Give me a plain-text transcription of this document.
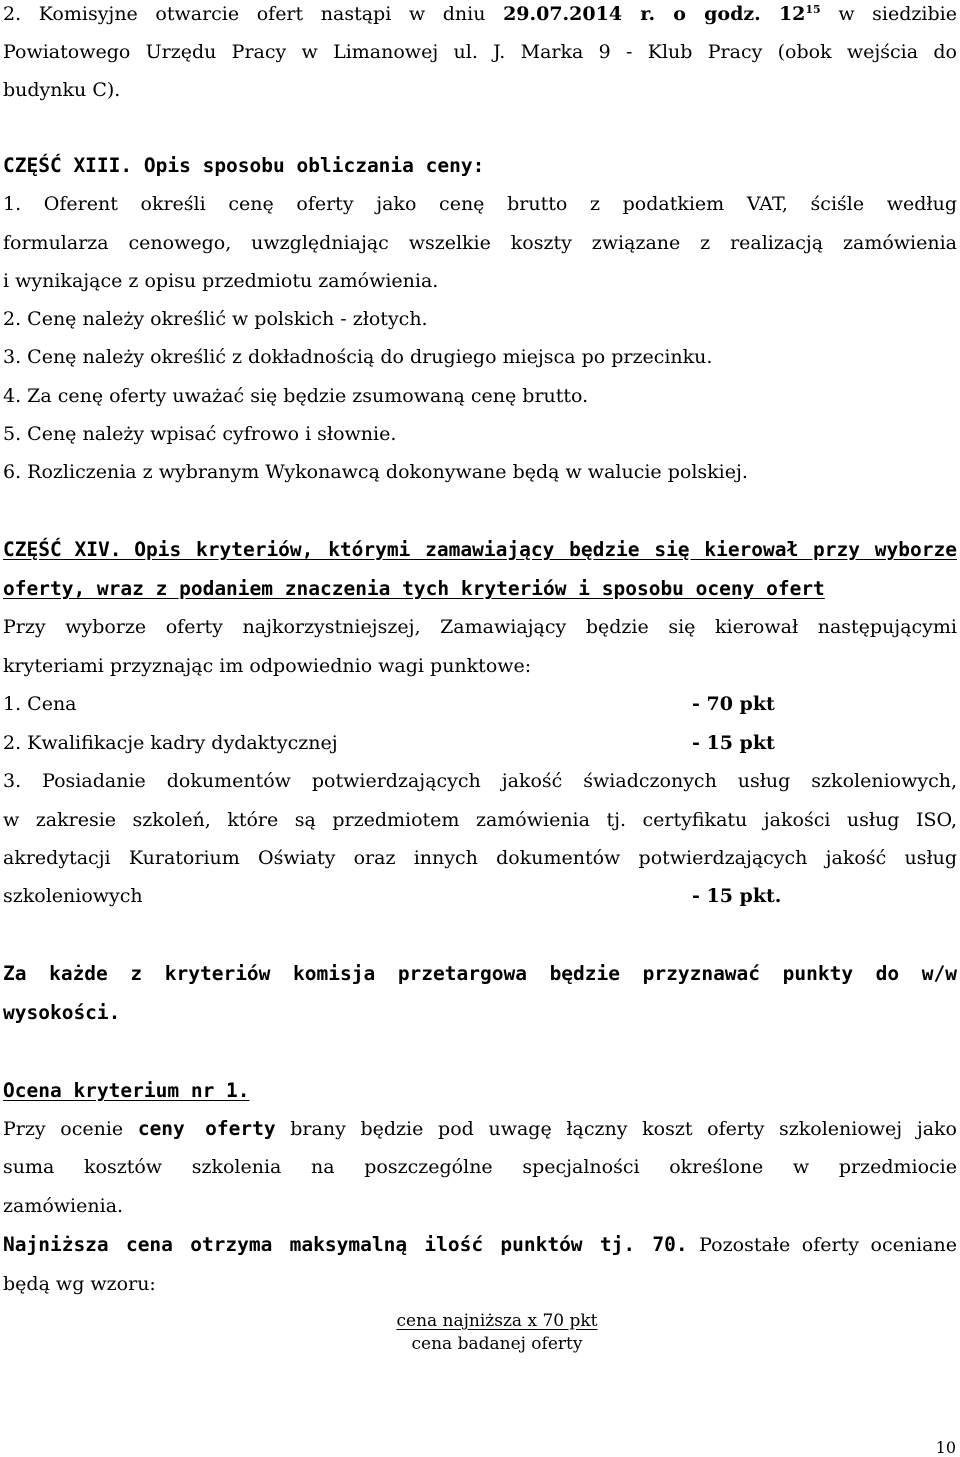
2. Komisyjne otwarcie ofert nastąpi w dniu 29.07.2014 r. o godz. $12^{15}$ w siedzibie
Powiatowego Urzędu Pracy w Limanowej ul. J. Marka 9 - Klub Pracy (obok wejścia do
budynku C).
CZĘŚĆ XIII. Opis sposobu obliczania ceny:
1. Oferent określi cenę oferty jako cenę brutto z podatkiem VAT, ściśle według
formularza cenowego, uwzględniając wszelkie koszty związane z realizacją zamówienia
i wynikające z opisu przedmiotu zamówienia.
2. Cenę należy określić w polskich - złotych.
3. Cenę należy określić z dokładnością do drugiego miejsca po przecinku.
4. Za cenę oferty uważać się będzie zsumowaną cenę brutto.
5. Cenę należy wpisać cyfrowo i słownie.
6. Rozliczenia z wybranym Wykonawcą dokonywane będą w walucie polskiej.
CZĘŚĆ XIV. Opis kryteriów, którymi zamawiający będzie się kierował przy wyborze
oferty, wraz z podaniem znaczenia tych kryteriów i sposobu oceny ofert
Przy wyborze oferty najkorzystniejszej, Zamawiający będzie się kierował następującymi
kryteriami przyznając im odpowiednio wagi punktowe:
1. Cena	- 70 pkt
2. Kwalifikacje kadry dydaktycznej	- 15 pkt
3. Posiadanie dokumentów potwierdzających jakość świadczonych usług szkoleniowych,
w zakresie szkoleń, które są przedmiotem zamówienia tj. certyfikatu jakości usług ISO,
akredytacji Kuratorium Oświaty oraz innych dokumentów potwierdzających jakość usług
szkoleniowych	- 15 pkt.
Za każde z kryteriów komisja przetargowa będzie przyznawać punkty do w/w
wysokości.
Ocena kryterium nr 1.
Przy ocenie ceny oferty brany będzie pod uwagę łączny koszt oferty szkoleniowej jako
suma kosztów szkolenia na poszczególne specjalności określone w przedmiocie
zamówienia.
Najniższa cena otrzyma maksymalną ilość punktów tj. 70. Pozostałe oferty oceniane
będą wg wzoru:
cena najniższa x 70 pkt
cena badanej oferty
10
